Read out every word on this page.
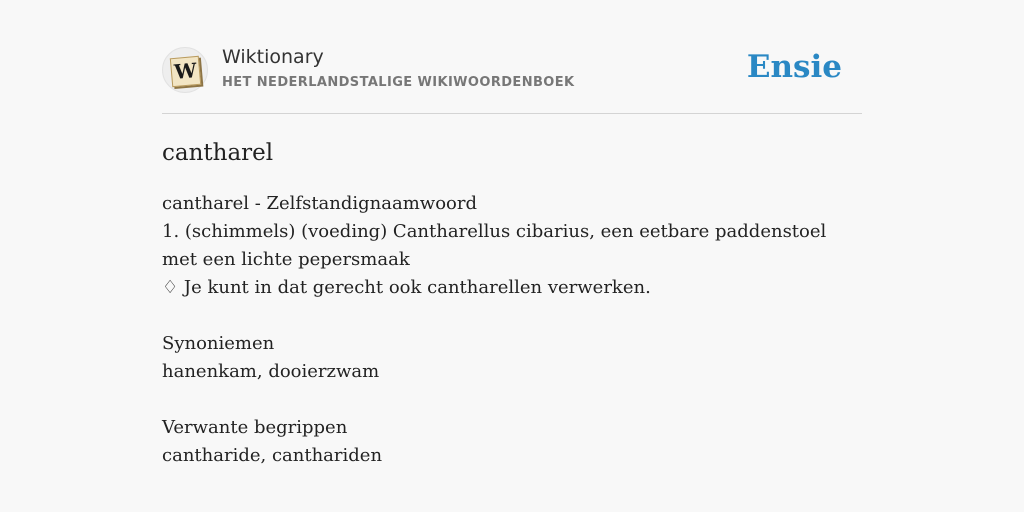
W
Wiktionary
HET NEDERLANDSTALIGE WIKIWOORDENBOEK	Ensie
cantharel
cantharel - Zelfstandignaamwoord
1. (schimmels) (voeding) Cantharellus cibarius, een eetbare paddenstoel met een lichte pepersmaak
♢ Je kunt in dat gerecht ook cantharellen verwerken.
Synoniemen
hanenkam, dooierzwam
Verwante begrippen
cantharide, canthariden
